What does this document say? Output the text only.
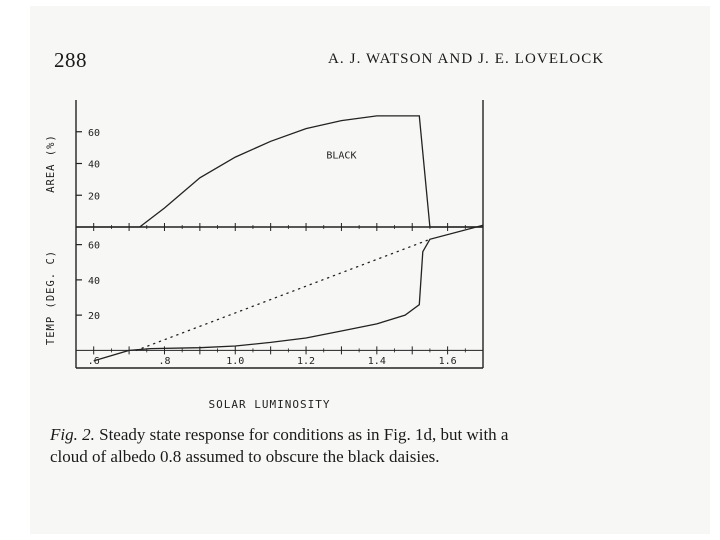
288	A. J. WATSON AND J. E. LOVELOCK
20
40
60
AREA (%)	BLACK
20
40
60
TEMP (DEG. C)
.6	.8	1.0	1.2	1.4	1.6
SOLAR LUMINOSITY
Fig. 2. Steady state response for conditions as in Fig. 1d, but with a cloud of albedo 0.8 assumed to obscure the black daisies.
